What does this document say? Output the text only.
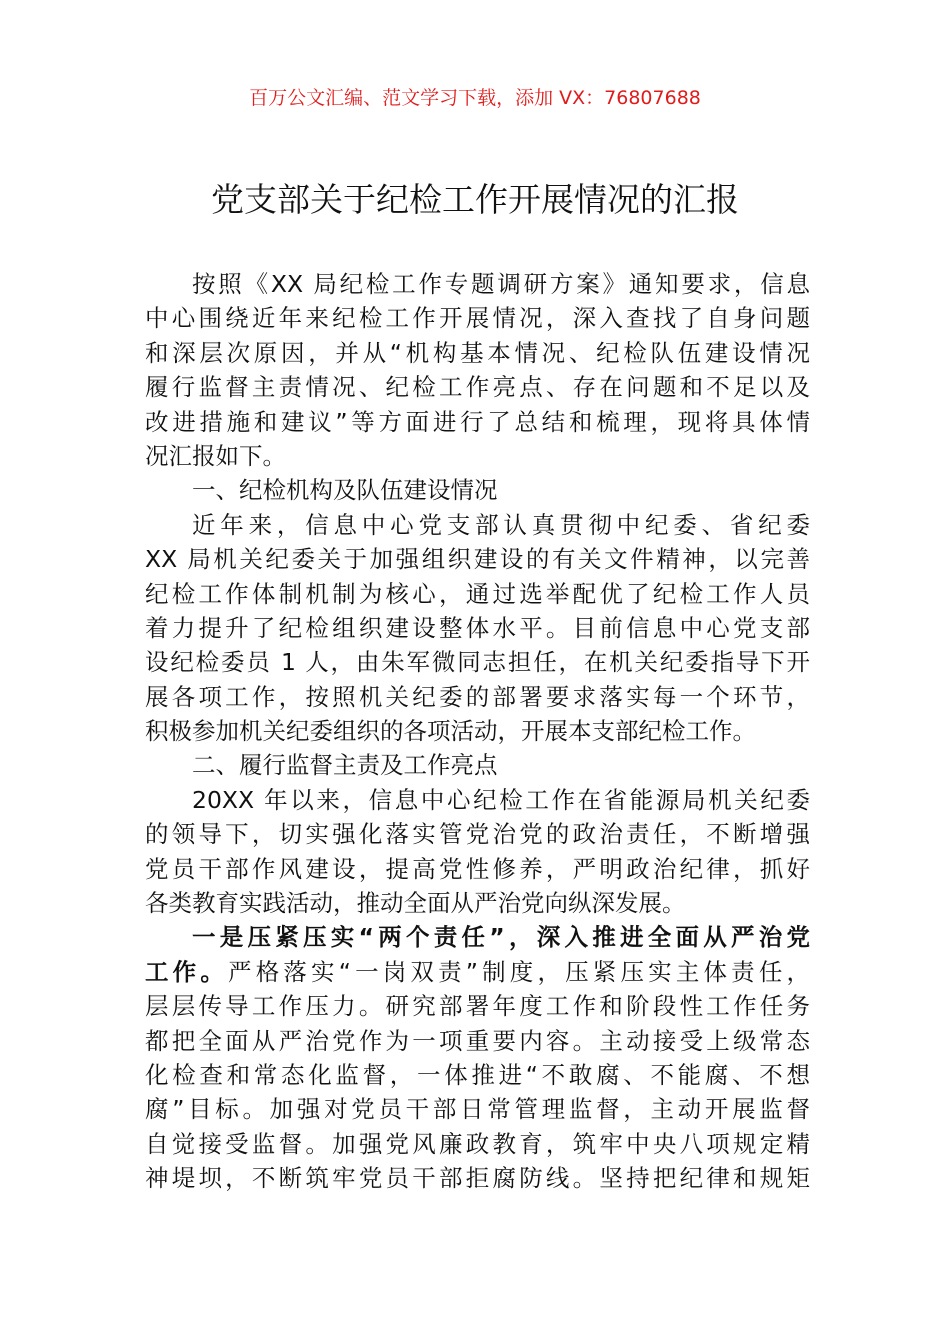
百万公文汇编、范文学习下载，添加 VX：76807688
党支部关于纪检工作开展情况的汇报
按照《XX 局纪检工作专题调研方案》通知要求，信息
中心围绕近年来纪检工作开展情况，深入查找了自身问题
和深层次原因，并从“机构基本情况、纪检队伍建设情况
履行监督主责情况、纪检工作亮点、存在问题和不足以及
改进措施和建议”等方面进行了总结和梳理，现将具体情
况汇报如下。
一、纪检机构及队伍建设情况
近年来，信息中心党支部认真贯彻中纪委、省纪委
XX 局机关纪委关于加强组织建设的有关文件精神，以完善
纪检工作体制机制为核心，通过选举配优了纪检工作人员
着力提升了纪检组织建设整体水平。目前信息中心党支部
设纪检委员 1 人，由朱军微同志担任，在机关纪委指导下开
展各项工作，按照机关纪委的部署要求落实每一个环节，
积极参加机关纪委组织的各项活动，开展本支部纪检工作。
二、履行监督主责及工作亮点
20XX 年以来，信息中心纪检工作在省能源局机关纪委
的领导下，切实强化落实管党治党的政治责任，不断增强
党员干部作风建设，提高党性修养，严明政治纪律，抓好
各类教育实践活动，推动全面从严治党向纵深发展。
一是压紧压实“两个责任”，深入推进全面从严治党
工作。严格落实“一岗双责”制度，压紧压实主体责任，
层层传导工作压力。研究部署年度工作和阶段性工作任务
都把全面从严治党作为一项重要内容。主动接受上级常态
化检查和常态化监督，一体推进“不敢腐、不能腐、不想
腐”目标。加强对党员干部日常管理监督，主动开展监督
自觉接受监督。加强党风廉政教育，筑牢中央八项规定精
神堤坝，不断筑牢党员干部拒腐防线。坚持把纪律和规矩
